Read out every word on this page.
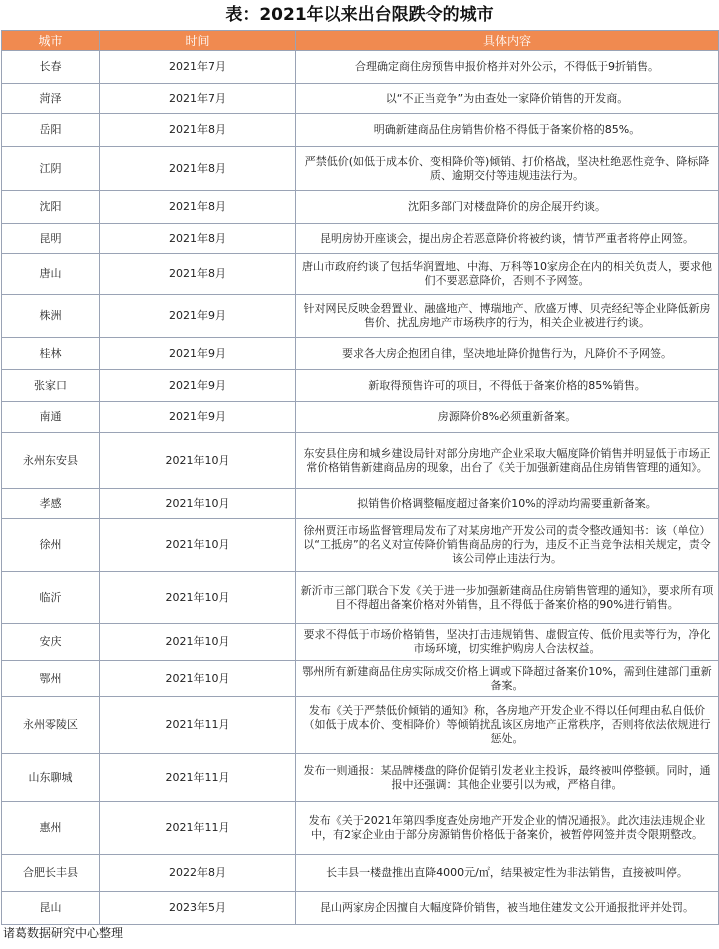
表：2021年以来出台限跌令的城市
城市	时间	具体内容
长春	2021年7月	合理确定商住房预售申报价格并对外公示，不得低于9折销售。
菏泽	2021年7月	以“不正当竞争”为由查处一家降价销售的开发商。
岳阳	2021年8月	明确新建商品住房销售价格不得低于备案价格的85%。
江阴	2021年8月	严禁低价(如低于成本价、变相降价等)倾销、打价格战，坚决杜绝恶性竞争、降标降质、逾期交付等违规违法行为。
沈阳	2021年8月	沈阳多部门对楼盘降价的房企展开约谈。
昆明	2021年8月	昆明房协开座谈会，提出房企若恶意降价将被约谈，情节严重者将停止网签。
唐山	2021年8月	唐山市政府约谈了包括华润置地、中海、万科等10家房企在内的相关负责人，要求他们不要恶意降价，否则不予网签。
株洲	2021年9月	针对网民反映金碧置业、融盛地产、博瑞地产、欣盛万博、贝壳经纪等企业降低新房售价、扰乱房地产市场秩序的行为，相关企业被进行约谈。
桂林	2021年9月	要求各大房企抱团自律，坚决地址降价抛售行为，凡降价不予网签。
张家口	2021年9月	新取得预售许可的项目，不得低于备案价格的85%销售。
南通	2021年9月	房源降价8%必须重新备案。
永州东安县	2021年10月	东安县住房和城乡建设局针对部分房地产企业采取大幅度降价销售并明显低于市场正常价格销售新建商品房的现象，出台了《关于加强新建商品住房销售管理的通知》。
孝感	2021年10月	拟销售价格调整幅度超过备案价10%的浮动均需要重新备案。
徐州	2021年10月	徐州贾汪市场监督管理局发布了对某房地产开发公司的责令整改通知书：该（单位）以“工抵房”的名义对宣传降价销售商品房的行为，违反不正当竞争法相关规定，责令该公司停止违法行为。
临沂	2021年10月	新沂市三部门联合下发《关于进一步加强新建商品住房销售管理的通知》，要求所有项目不得超出备案价格对外销售，且不得低于备案价格的90%进行销售。
安庆	2021年10月	要求不得低于市场价格销售，坚决打击违规销售、虚假宣传、低价甩卖等行为，净化市场环境，切实维护购房人合法权益。
鄂州	2021年10月	鄂州所有新建商品住房实际成交价格上调或下降超过备案价10%，需到住建部门重新备案。
永州零陵区	2021年11月	发布《关于严禁低价倾销的通知》称，各房地产开发企业不得以任何理由私自低价（如低于成本价、变相降价）等倾销扰乱该区房地产正常秩序，否则将依法依规进行惩处。
山东聊城	2021年11月	发布一则通报：某品牌楼盘的降价促销引发老业主投诉，最终被叫停整顿。同时，通报中还强调：其他企业要引以为戒，严格自律。
惠州	2021年11月	发布《关于2021年第四季度查处房地产开发企业的情况通报》。此次违法违规企业中，有2家企业由于部分房源销售价格低于备案价，被暂停网签并责令限期整改。
合肥长丰县	2022年8月	长丰县一楼盘推出直降4000元/㎡，结果被定性为非法销售，直接被叫停。
昆山	2023年5月	昆山两家房企因擅自大幅度降价销售，被当地住建发文公开通报批评并处罚。
诸葛数据研究中心整理
